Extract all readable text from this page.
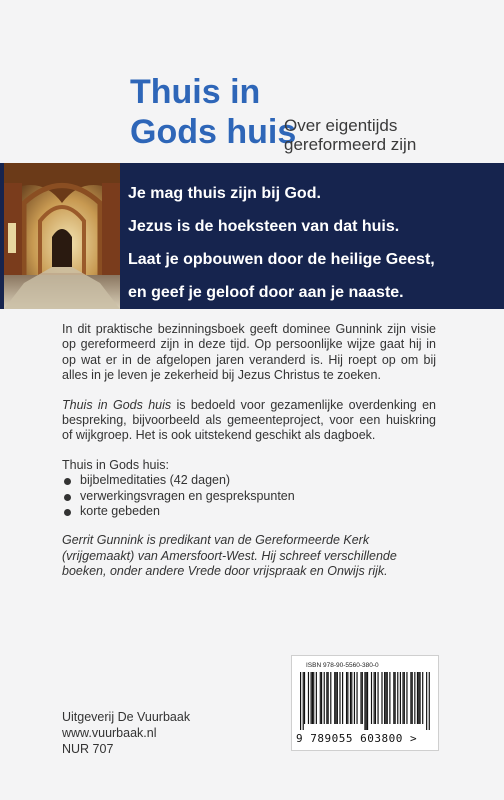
Thuis in
Gods huis
Over eigentijds
gereformeerd zijn
Je mag thuis zijn bij God.
Jezus is de hoeksteen van dat huis.
Laat je opbouwen door de heilige Geest,
en geef je geloof door aan je naaste.

In dit praktische bezinningsboek geeft dominee Gunnink zijn visie op gereformeerd zijn in deze tijd. Op persoonlijke wijze gaat hij in op wat er in de afgelopen jaren veranderd is. Hij roept op om bij alles in je leven je zekerheid bij Jezus Christus te zoeken.

Thuis in Gods huis is bedoeld voor gezamenlijke overdenking en bespreking, bijvoorbeeld als gemeenteproject, voor een huiskring of wijkgroep. Het is ook uitstekend geschikt als dagboek.

Thuis in Gods huis:

bijbelmeditaties (42 dagen)
verwerkingsvragen en gesprekspunten
korte gebeden

Gerrit Gunnink is predikant van de Gereformeerde Kerk (vrijgemaakt) van Amersfoort-West. Hij schreef verschillende boeken, onder andere Vrede door vrijspraak en Onwijs rijk.

Uitgeverij De Vuurbaak
www.vuurbaak.nl
NUR 707
ISBN 978-90-5560-380-0
9 789055 603800 >
